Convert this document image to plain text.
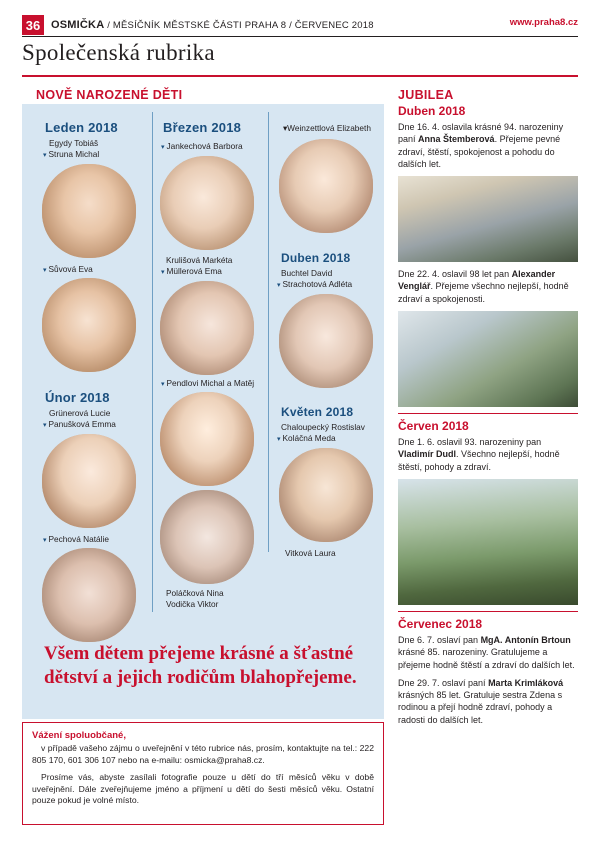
36 OSMIČKA / MĚSÍČNÍK MĚSTSKÉ ČÁSTI PRAHA 8 / ČERVENEC 2018	www.praha8.cz
Společenská rubrika
NOVĚ NAROZENÉ DĚTI	JUBILEA
Leden 2018
Egydy Tobiáš
▾ Struna Michal
▾ Sůvová Eva
Únor 2018
Grünerová Lucie
▾ Panušková Emma
▾ Pechová Natálie
Březen 2018
▾ Jankechová Barbora
Krulišová Markéta
▾ Müllerová Ema
▾ Pendlovi Michal a Matěj
Poláčková Nina
Vodička Viktor
▾Weinzettlová Elizabeth
Duben 2018
Buchtel David
▾ Strachotová Adléta
Květen 2018
Chaloupecký Rostislav
▾ Koláčná Meda
Vitková Laura
Všem dětem přejeme krásné a šťastné dětství a jejich rodičům blahopřejeme.
Vážení spoluobčané,

v případě vašeho zájmu o uveřejnění v této rubrice nás, prosím, kontaktujte na tel.: 222 805 170, 601 306 107 nebo na e-mailu: osmicka@praha8.cz.

Prosíme vás, abyste zasílali fotografie pouze u dětí do tří měsíců věku v době uveřejnění. Dále zveřejňujeme jméno a příjmení u dětí do šesti měsíců věku. Ostatní pouze pokud je volné místo.

Duben 2018

Dne 16. 4. oslavila krásné 94. narozeniny paní Anna Štemberová. Přejeme pevné zdraví, štěstí, spokojenost a pohodu do dalších let.

Dne 22. 4. oslavil 98 let pan Alexander Venglář. Přejeme všechno nejlepší, hodně zdraví a spokojenosti.

Červen 2018

Dne 1. 6. oslavil 93. narozeniny pan Vladimír Dudl. Všechno nejlepší, hodně štěstí, pohody a zdraví.

Červenec 2018

Dne 6. 7. oslaví pan MgA. Antonín Brtoun krásné 85. narozeniny. Gratulujeme a přejeme hodně štěstí a zdraví do dalších let.

Dne 29. 7. oslaví paní Marta Krimláková krásných 85 let. Gratuluje sestra Zdena s rodinou a přejí hodně zdraví, pohody a radosti do dalších let.
